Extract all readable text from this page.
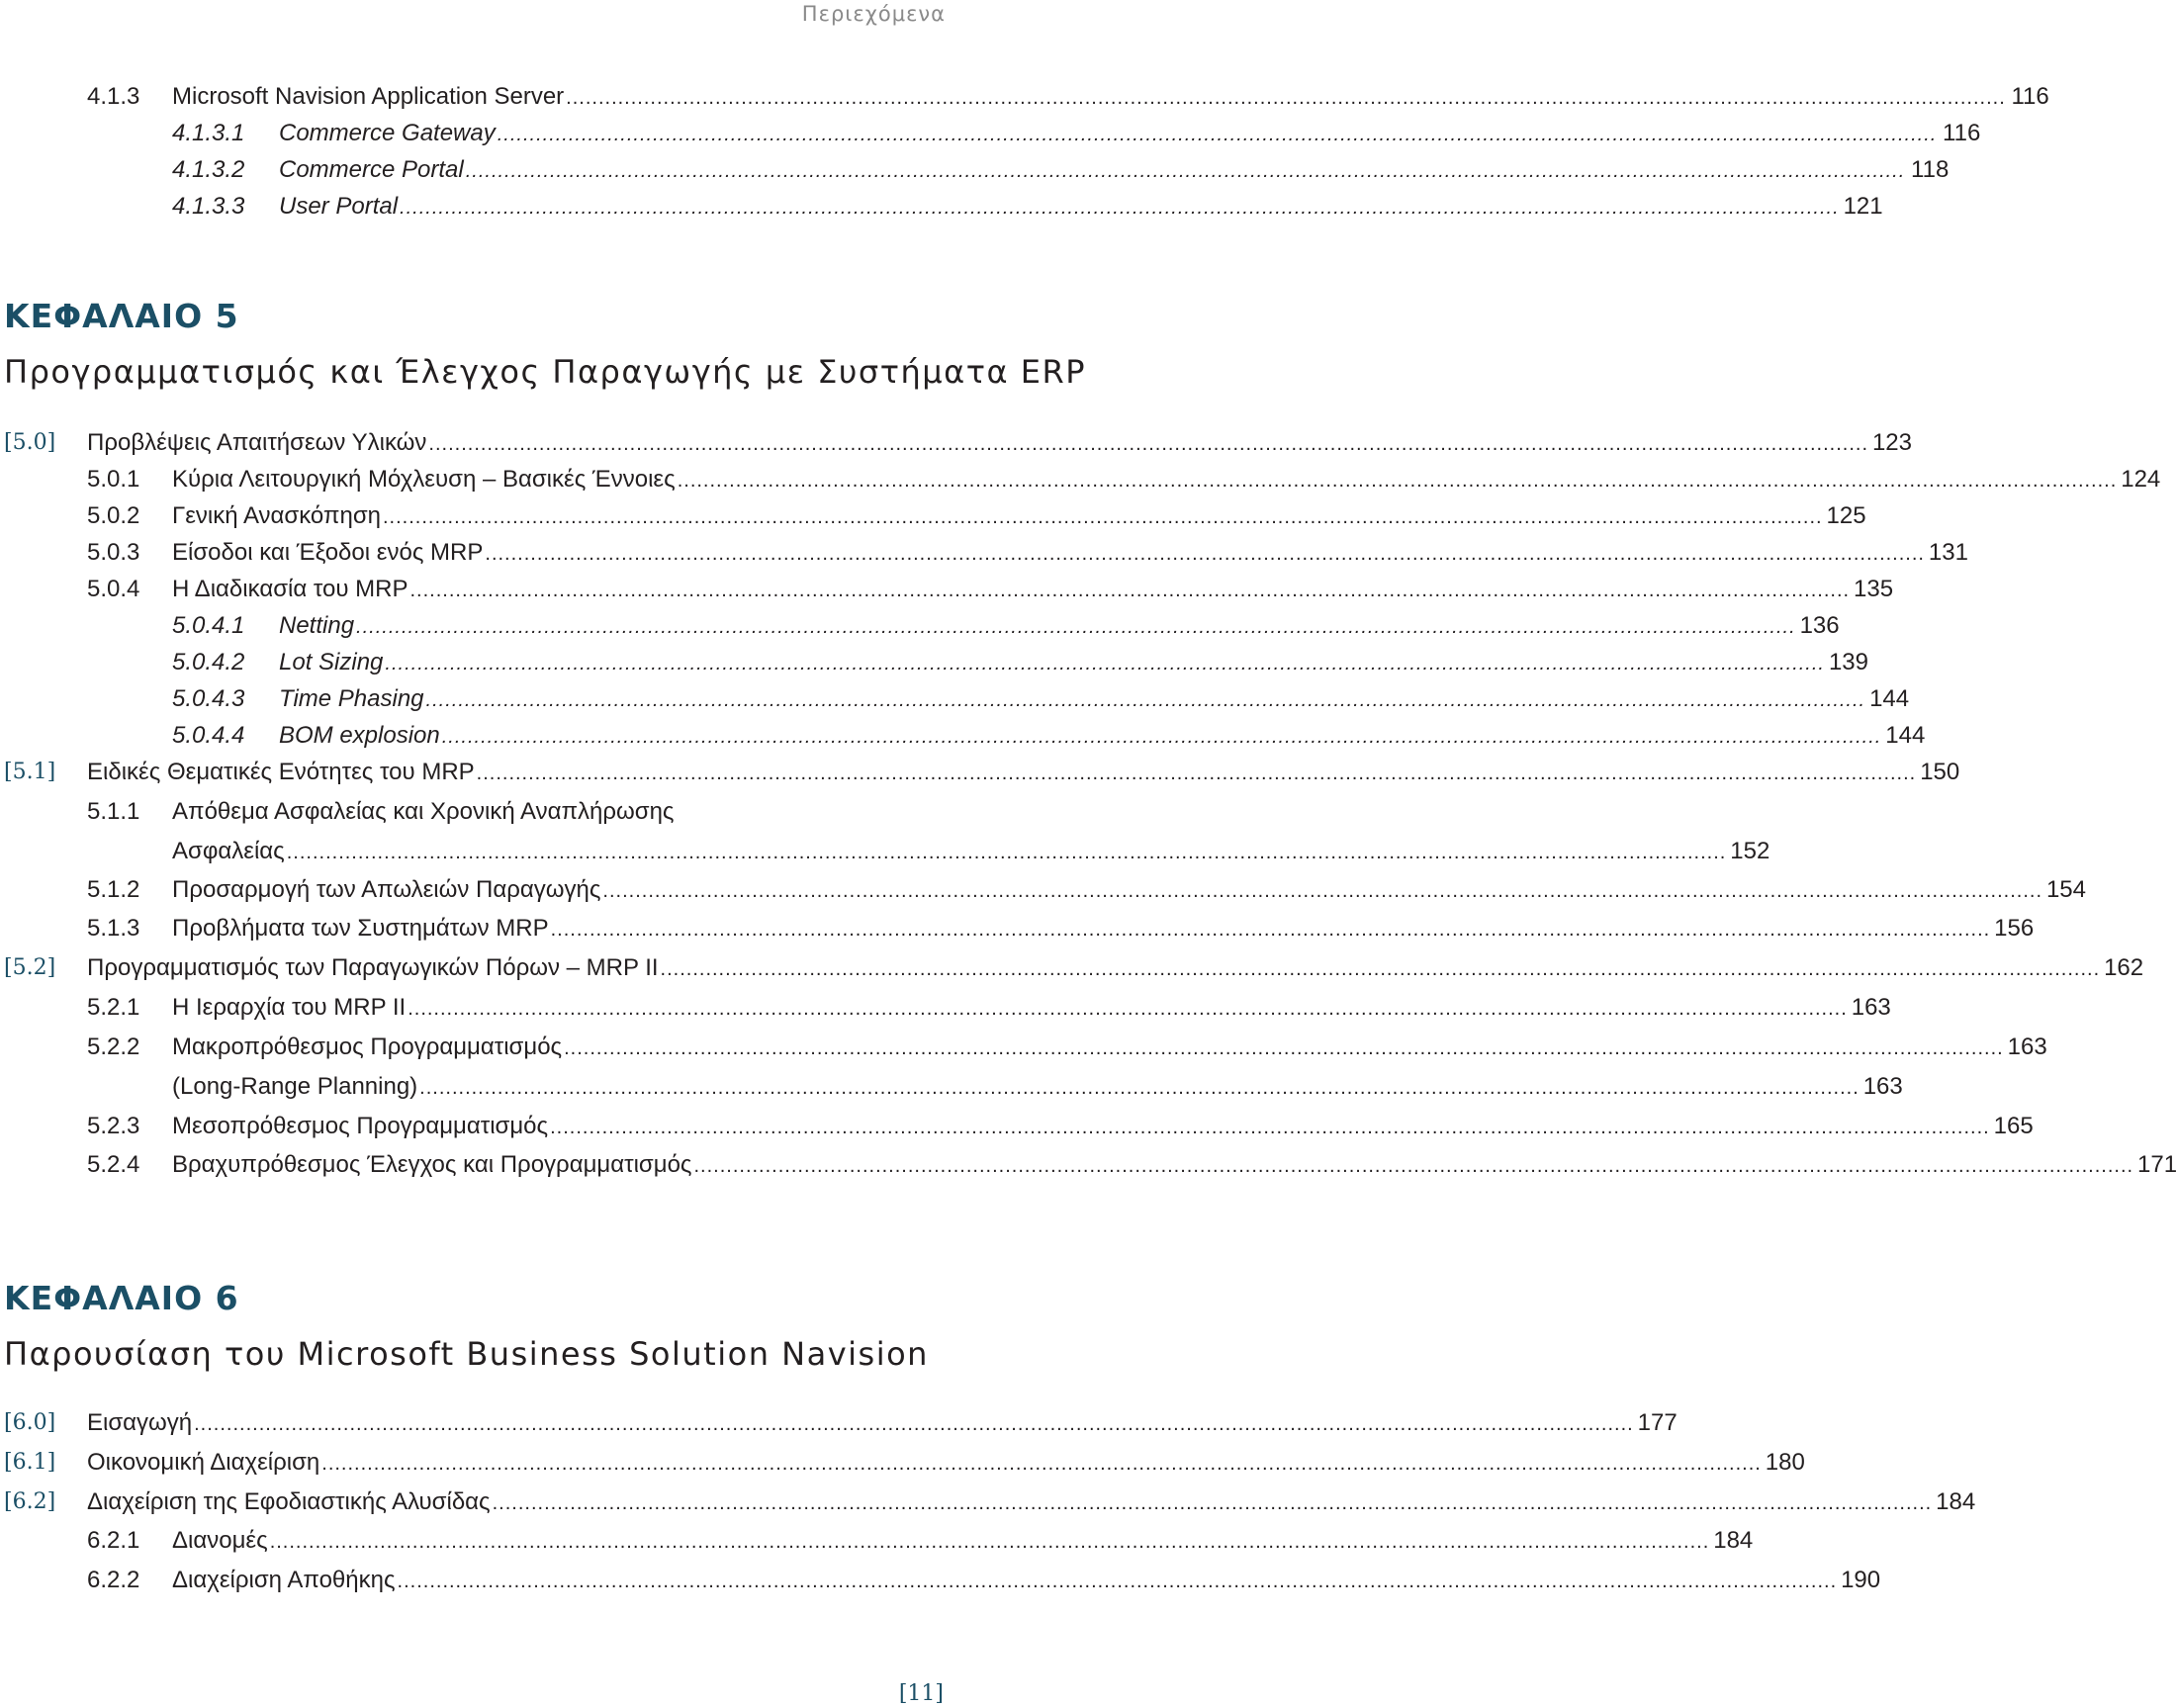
Περιεχόμενα
4.1.3 Microsoft Navision Application Server .....	116
4.1.3.1 Commerce Gateway .....	116
4.1.3.2 Commerce Portal .....	118
4.1.3.3 User Portal .....	121
ΚΕΦΑΛΑΙΟ 5
Προγραμματισμός και Έλεγχος Παραγωγής με Συστήματα ERP
[5.0] Προβλέψεις Απαιτήσεων Υλικών .....	123
5.0.1 Κύρια Λειτουργική Μόχλευση – Βασικές Έννοιες .....	124
5.0.2 Γενική Ανασκόπηση .....	125
5.0.3 Είσοδοι και Έξοδοι ενός MRP .....	131
5.0.4 Η Διαδικασία του MRP .....	135
5.0.4.1 Netting .....	136
5.0.4.2 Lot Sizing .....	139
5.0.4.3 Time Phasing .....	144
5.0.4.4 BOM explosion .....	144
[5.1] Ειδικές Θεματικές Ενότητες του MRP .....	150
5.1.1 Απόθεμα Ασφαλείας και Χρονική Αναπλήρωσης
Ασφαλείας .....	152
5.1.2 Προσαρμογή των Απωλειών Παραγωγής .....	154
5.1.3 Προβλήματα των Συστημάτων MRP .....	156
[5.2] Προγραμματισμός των Παραγωγικών Πόρων – MRP II .....	162
5.2.1 Η Ιεραρχία του MRP II .....	163
5.2.2 Μακροπρόθεσμος Προγραμματισμός .....	163
(Long-Range Planning) .....	163
5.2.3 Μεσοπρόθεσμος Προγραμματισμός .....	165
5.2.4 Βραχυπρόθεσμος Έλεγχος και Προγραμματισμός .....	171
ΚΕΦΑΛΑΙΟ 6
Παρουσίαση του Microsoft Business Solution Navision
[6.0] Εισαγωγή .....	177
[6.1] Οικονομική Διαχείριση .....	180
[6.2] Διαχείριση της Εφοδιαστικής Αλυσίδας .....	184
6.2.1 Διανομές .....	184
6.2.2 Διαχείριση Αποθήκης .....	190
[11]
